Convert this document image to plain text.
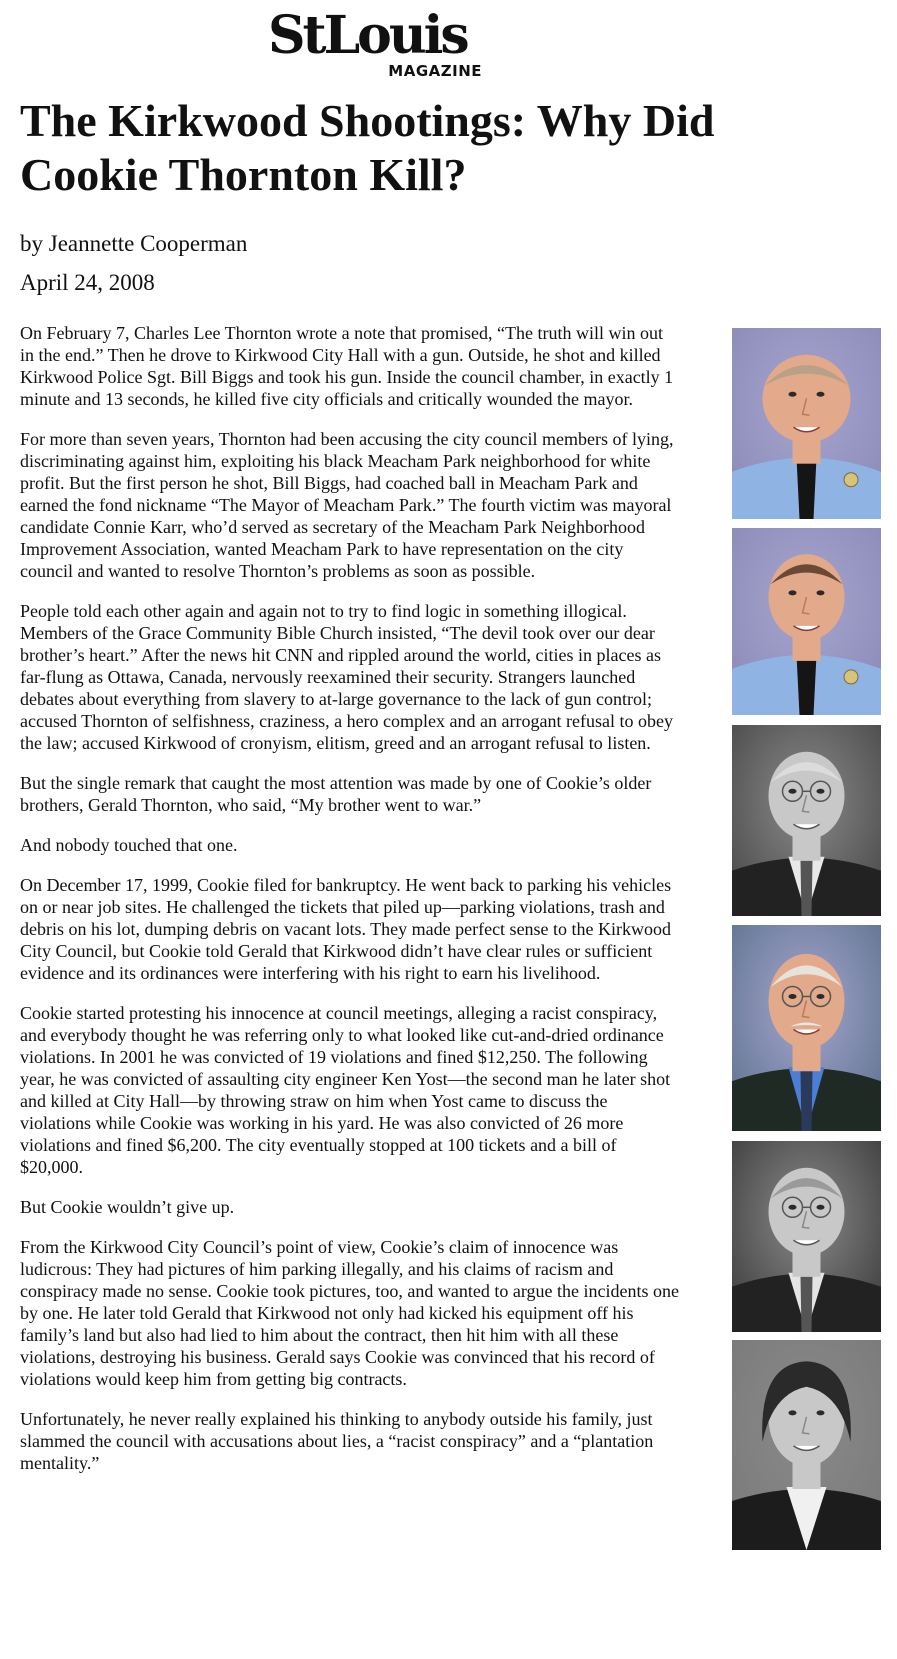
StLouis
MAGAZINE
The Kirkwood Shootings: Why Did Cookie Thornton Kill?
by Jeannette Cooperman
April 24, 2008

On February 7, Charles Lee Thornton wrote a note that promised, “The truth will win out in the end.” Then he drove to Kirkwood City Hall with a gun. Outside, he shot and killed Kirkwood Police Sgt. Bill Biggs and took his gun. Inside the council chamber, in exactly 1 minute and 13 seconds, he killed five city officials and critically wounded the mayor.

For more than seven years, Thornton had been accusing the city council members of lying, discriminating against him, exploiting his black Meacham Park neighborhood for white profit. But the first person he shot, Bill Biggs, had coached ball in Meacham Park and earned the fond nickname “The Mayor of Meacham Park.” The fourth victim was mayoral candidate Connie Karr, who’d served as secretary of the Meacham Park Neighborhood Improvement Association, wanted Meacham Park to have representation on the city council and wanted to resolve Thornton’s problems as soon as possible.

People told each other again and again not to try to find logic in something illogical. Members of the Grace Community Bible Church insisted, “The devil took over our dear brother’s heart.” After the news hit CNN and rippled around the world, cities in places as far-flung as Ottawa, Canada, nervously reexamined their security. Strangers launched debates about everything from slavery to at-large governance to the lack of gun control; accused Thornton of selfishness, craziness, a hero complex and an arrogant refusal to obey the law; accused Kirkwood of cronyism, elitism, greed and an arrogant refusal to listen.

But the single remark that caught the most attention was made by one of Cookie’s older brothers, Gerald Thornton, who said, “My brother went to war.”

And nobody touched that one.

On December 17, 1999, Cookie filed for bankruptcy. He went back to parking his vehicles on or near job sites. He challenged the tickets that piled up—parking violations, trash and debris on his lot, dumping debris on vacant lots. They made perfect sense to the Kirkwood City Council, but Cookie told Gerald that Kirkwood didn’t have clear rules or sufficient evidence and its ordinances were interfering with his right to earn his livelihood.

Cookie started protesting his innocence at council meetings, alleging a racist conspiracy, and everybody thought he was referring only to what looked like cut-and-dried ordinance violations. In 2001 he was convicted of 19 violations and fined $12,250. The following year, he was convicted of assaulting city engineer Ken Yost—the second man he later shot and killed at City Hall—by throwing straw on him when Yost came to discuss the violations while Cookie was working in his yard. He was also convicted of 26 more violations and fined $6,200. The city eventually stopped at 100 tickets and a bill of $20,000.

But Cookie wouldn’t give up.

From the Kirkwood City Council’s point of view, Cookie’s claim of innocence was ludicrous: They had pictures of him parking illegally, and his claims of racism and conspiracy made no sense. Cookie took pictures, too, and wanted to argue the incidents one by one. He later told Gerald that Kirkwood not only had kicked his equipment off his family’s land but also had lied to him about the contract, then hit him with all these violations, destroying his business. Gerald says Cookie was convinced that his record of violations would keep him from getting big contracts.

Unfortunately, he never really explained his thinking to anybody outside his family, just slammed the council with accusations about lies, a “racist conspiracy” and a “plantation mentality.”
